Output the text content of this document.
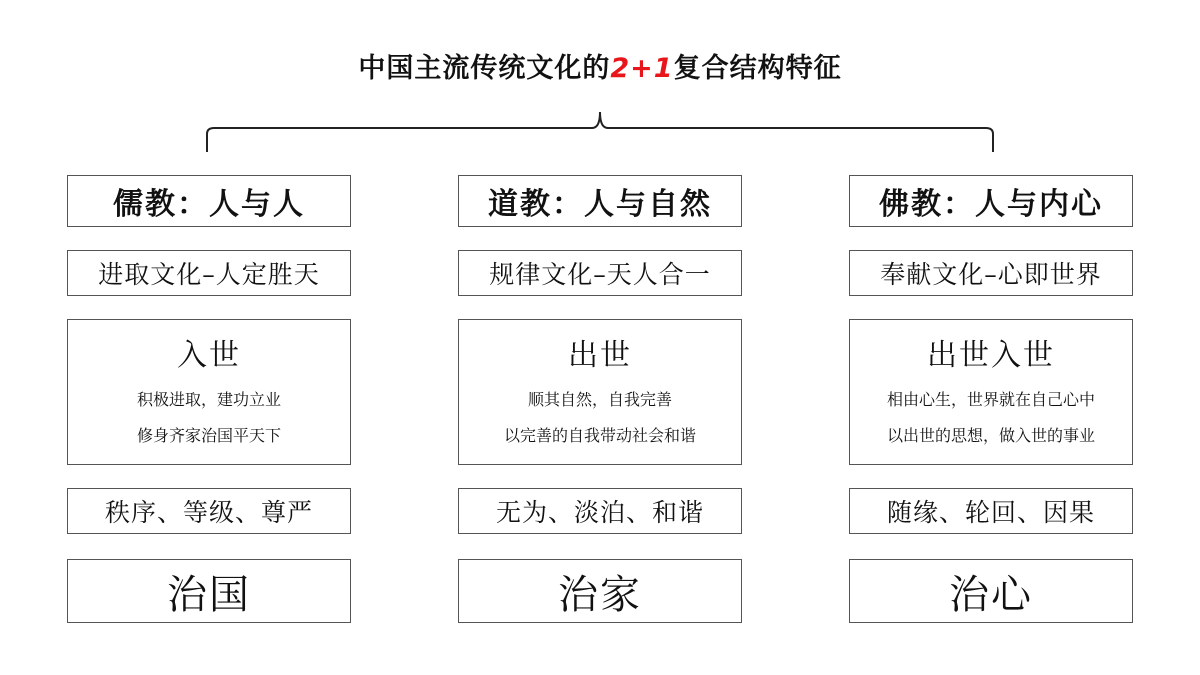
中国主流传统文化的2+1复合结构特征
儒教：人与人
进取文化–人定胜天
入世
积极进取，建功立业
修身齐家治国平天下
秩序、等级、尊严
治国
道教：人与自然
规律文化–天人合一
出世
顺其自然，自我完善
以完善的自我带动社会和谐
无为、淡泊、和谐
治家
佛教：人与内心
奉献文化–心即世界
出世入世
相由心生，世界就在自己心中
以出世的思想，做入世的事业
随缘、轮回、因果
治心
